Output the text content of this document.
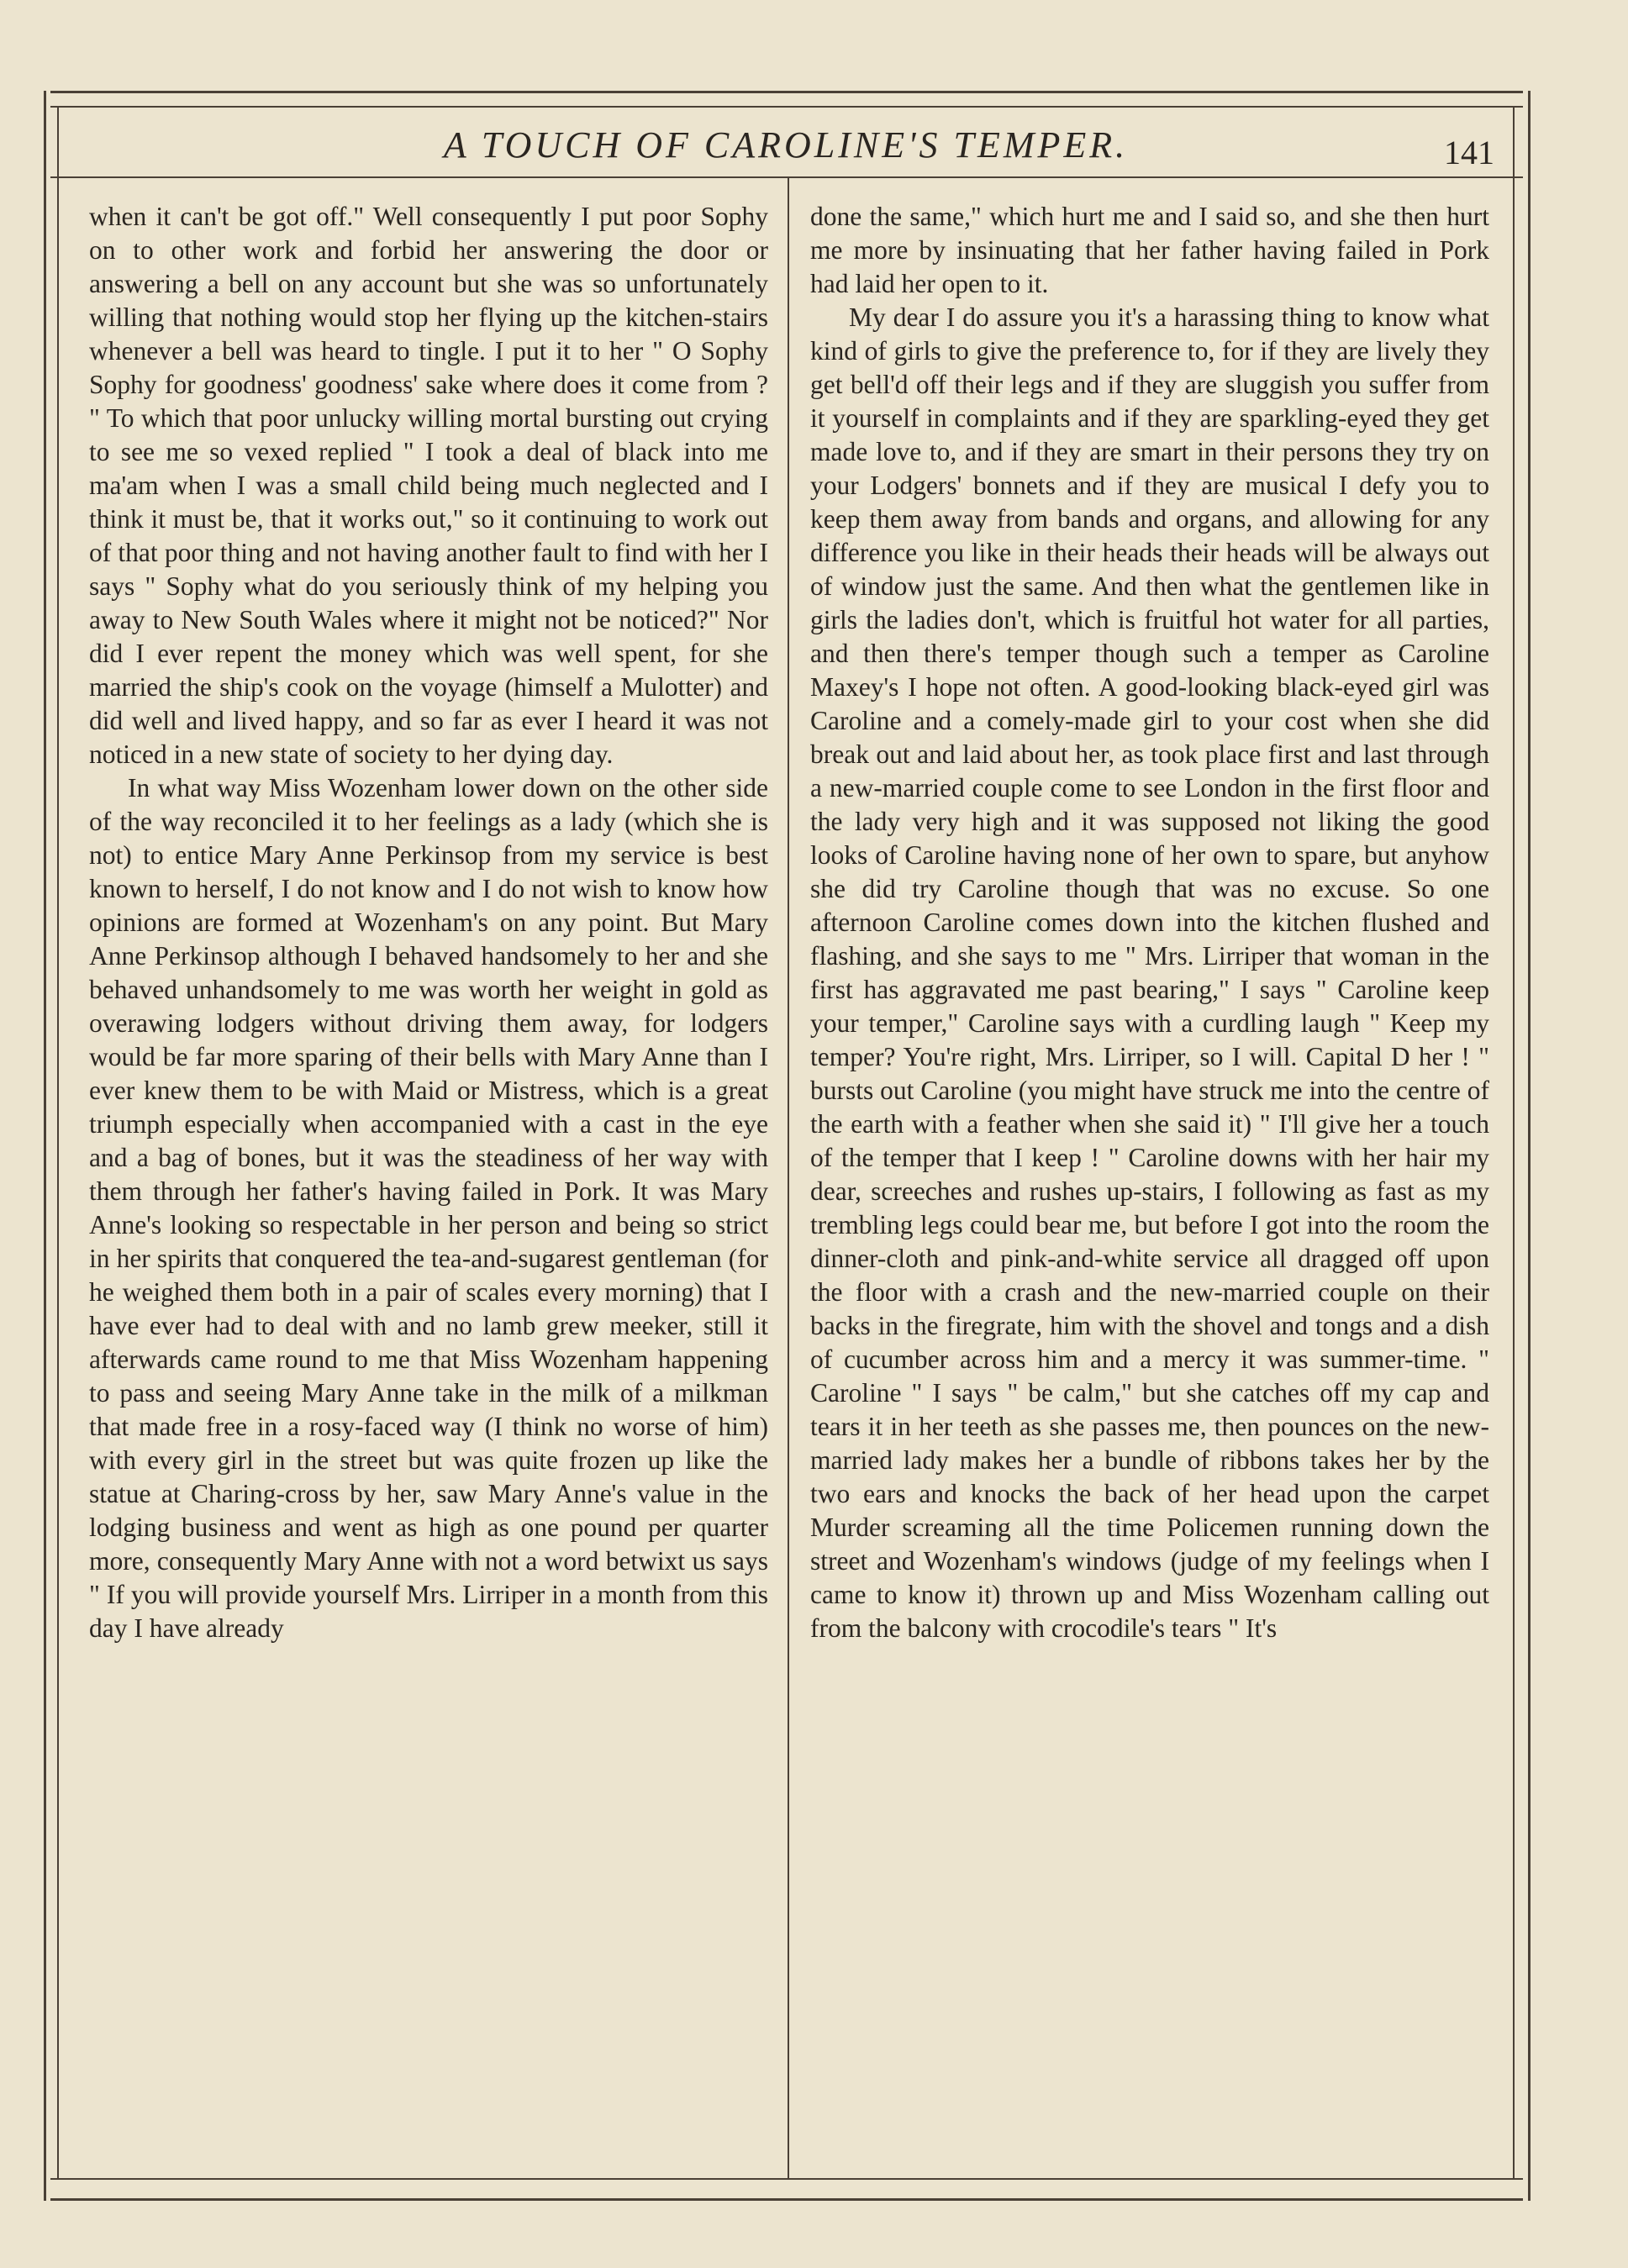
A TOUCH OF CAROLINE'S TEMPER.	141

when it can't be got off." Well consequently I put poor Sophy on to other work and forbid her answering the door or answering a bell on any account but she was so unfortunately willing that nothing would stop her flying up the kitchen-stairs whenever a bell was heard to tingle. I put it to her " O Sophy Sophy for goodness' goodness' sake where does it come from ? " To which that poor unlucky willing mortal bursting out crying to see me so vexed replied " I took a deal of black into me ma'am when I was a small child being much neglected and I think it must be, that it works out," so it continuing to work out of that poor thing and not having another fault to find with her I says " Sophy what do you seriously think of my helping you away to New South Wales where it might not be noticed?" Nor did I ever repent the money which was well spent, for she married the ship's cook on the voyage (himself a Mulotter) and did well and lived happy, and so far as ever I heard it was not noticed in a new state of society to her dying day.

In what way Miss Wozenham lower down on the other side of the way reconciled it to her feelings as a lady (which she is not) to entice Mary Anne Perkinsop from my service is best known to herself, I do not know and I do not wish to know how opinions are formed at Wozenham's on any point. But Mary Anne Perkinsop although I behaved handsomely to her and she behaved unhandsomely to me was worth her weight in gold as overawing lodgers without driving them away, for lodgers would be far more sparing of their bells with Mary Anne than I ever knew them to be with Maid or Mistress, which is a great triumph especially when accompanied with a cast in the eye and a bag of bones, but it was the steadiness of her way with them through her father's having failed in Pork. It was Mary Anne's looking so respectable in her person and being so strict in her spirits that conquered the tea-and-sugarest gentleman (for he weighed them both in a pair of scales every morning) that I have ever had to deal with and no lamb grew meeker, still it afterwards came round to me that Miss Wozenham happening to pass and seeing Mary Anne take in the milk of a milkman that made free in a rosy-faced way (I think no worse of him) with every girl in the street but was quite frozen up like the statue at Charing-cross by her, saw Mary Anne's value in the lodging business and went as high as one pound per quarter more, consequently Mary Anne with not a word betwixt us says " If you will provide yourself Mrs. Lirriper in a month from this day I have already

done the same," which hurt me and I said so, and she then hurt me more by insinuating that her father having failed in Pork had laid her open to it.

My dear I do assure you it's a harassing thing to know what kind of girls to give the preference to, for if they are lively they get bell'd off their legs and if they are sluggish you suffer from it yourself in complaints and if they are sparkling-eyed they get made love to, and if they are smart in their persons they try on your Lodgers' bonnets and if they are musical I defy you to keep them away from bands and organs, and allowing for any difference you like in their heads their heads will be always out of window just the same. And then what the gentlemen like in girls the ladies don't, which is fruitful hot water for all parties, and then there's temper though such a temper as Caroline Maxey's I hope not often. A good-looking black-eyed girl was Caroline and a comely-made girl to your cost when she did break out and laid about her, as took place first and last through a new-married couple come to see London in the first floor and the lady very high and it was supposed not liking the good looks of Caroline having none of her own to spare, but anyhow she did try Caroline though that was no excuse. So one afternoon Caroline comes down into the kitchen flushed and flashing, and she says to me " Mrs. Lirriper that woman in the first has aggravated me past bearing," I says " Caroline keep your temper," Caroline says with a curdling laugh " Keep my temper? You're right, Mrs. Lirriper, so I will. Capital D her ! " bursts out Caroline (you might have struck me into the centre of the earth with a feather when she said it) " I'll give her a touch of the temper that I keep ! " Caroline downs with her hair my dear, screeches and rushes up-stairs, I following as fast as my trembling legs could bear me, but before I got into the room the dinner-cloth and pink-and-white service all dragged off upon the floor with a crash and the new-married couple on their backs in the firegrate, him with the shovel and tongs and a dish of cucumber across him and a mercy it was summer-time. " Caroline " I says " be calm," but she catches off my cap and tears it in her teeth as she passes me, then pounces on the new-married lady makes her a bundle of ribbons takes her by the two ears and knocks the back of her head upon the carpet Murder screaming all the time Policemen running down the street and Wozenham's windows (judge of my feelings when I came to know it) thrown up and Miss Wozenham calling out from the balcony with crocodile's tears " It's
